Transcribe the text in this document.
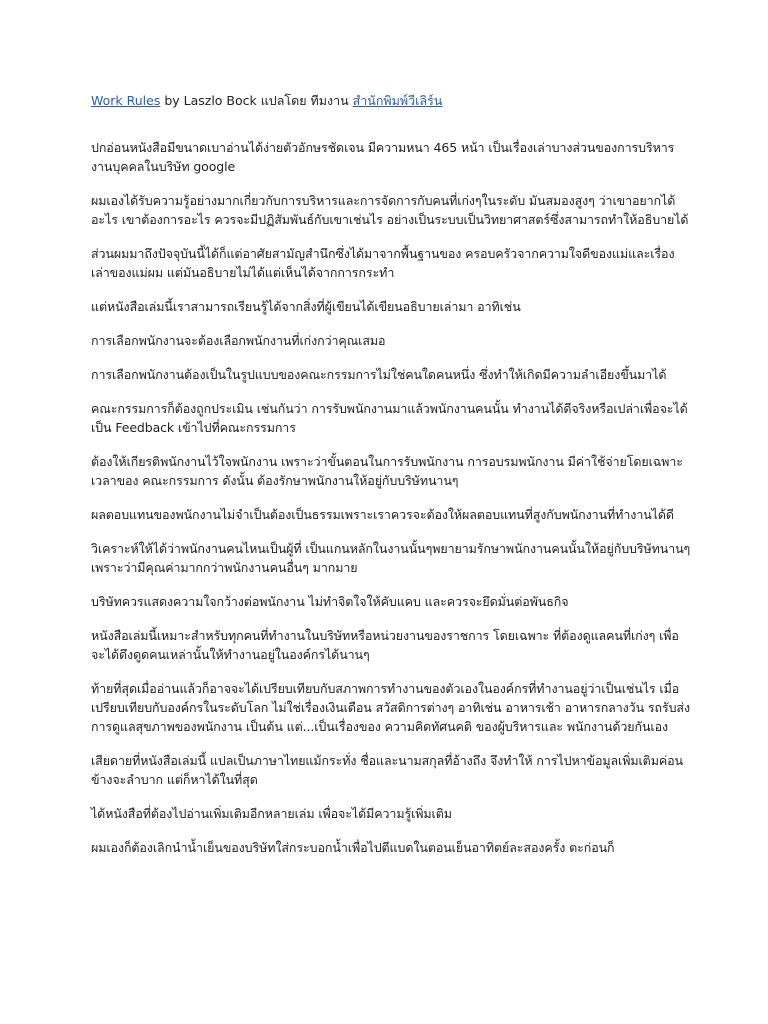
Work Rules by Laszlo Bock แปลโดย ทีมงาน สำนักพิมพ์วีเลิร์น

ปกอ่อนหนังสือมีขนาดเบาอ่านได้ง่ายตัวอักษรชัดเจน มีความหนา 465 หน้า เป็นเรื่องเล่าบางส่วนของการบริหารงานบุคคลในบริษัท google

ผมเองได้รับความรู้อย่างมากเกี่ยวกับการบริหารและการจัดการกับคนที่เก่งๆในระดับ มันสมองสูงๆ ว่าเขาอยากได้อะไร เขาต้องการอะไร ควรจะมีปฏิสัมพันธ์กับเขาเช่นไร อย่างเป็นระบบเป็นวิทยาศาสตร์ซึ่งสามารถทำให้อธิบายได้

ส่วนผมมาถึงปัจจุบันนี้ได้ก็แต่อาศัยสามัญสำนึกซึ่งได้มาจากพื้นฐานของ ครอบครัวจากความใจดีของแม่และเรื่องเล่าของแม่ผม แต่มันอธิบายไม่ได้แต่เห็นได้จากการกระทำ

แต่หนังสือเล่มนี้เราสามารถเรียนรู้ได้จากสิ่งที่ผู้เขียนได้เขียนอธิบายเล่ามา อาทิเช่น

การเลือกพนักงานจะต้องเลือกพนักงานที่เก่งกว่าคุณเสมอ

การเลือกพนักงานต้องเป็นในรูปแบบของคณะกรรมการไม่ใช่คนใดคนหนึ่ง ซึ่งทำให้เกิดมีความลำเอียงขึ้นมาได้

คณะกรรมการก็ต้องถูกประเมิน เช่นกันว่า การรับพนักงานมาแล้วพนักงานคนนั้น ทำงานได้ดีจริงหรือเปล่าเพื่อจะได้เป็น Feedback เข้าไปที่คณะกรรมการ

ต้องให้เกียรติพนักงานไว้ใจพนักงาน เพราะว่าขั้นตอนในการรับพนักงาน การอบรมพนักงาน มีค่าใช้จ่ายโดยเฉพาะเวลาของ คณะกรรมการ ดังนั้น ต้องรักษาพนักงานให้อยู่กับบริษัทนานๆ

ผลตอบแทนของพนักงานไม่จำเป็นต้องเป็นธรรมเพราะเราควรจะต้องให้ผลตอบแทนที่สูงกับพนักงานที่ทำงานได้ดี

วิเคราะห์ให้ได้ว่าพนักงานคนไหนเป็นผู้ที่ เป็นแกนหลักในงานนั้นๆพยายามรักษาพนักงานคนนั้นให้อยู่กับบริษัทนานๆ เพราะว่ามีคุณค่ามากกว่าพนักงานคนอื่นๆ มากมาย

บริษัทควรแสดงความใจกว้างต่อพนักงาน ไม่ทำจิตใจให้คับแคบ และควรจะยึดมั่นต่อพันธกิจ

หนังสือเล่มนี้เหมาะสำหรับทุกคนที่ทำงานในบริษัทหรือหน่วยงานของราชการ โดยเฉพาะ ที่ต้องดูแลคนที่เก่งๆ เพื่อจะได้ดึงดูดคนเหล่านั้นให้ทำงานอยู่ในองค์กรได้นานๆ

ท้ายที่สุดเมื่ออ่านแล้วก็อาจจะได้เปรียบเทียบกับสภาพการทำงานของตัวเองในองค์กรที่ทำงานอยู่ว่าเป็นเช่นไร เมื่อเปรียบเทียบกับองค์กรในระดับโลก ไม่ใช่เรื่องเงินเดือน สวัสดิการต่างๆ อาทิเช่น อาหารเช้า อาหารกลางวัน รถรับส่ง การดูแลสุขภาพของพนักงาน เป็นต้น แต่...เป็นเรื่องของ ความคิดทัศนคติ ของผู้บริหารและ พนักงานด้วยกันเอง

เสียดายที่หนังสือเล่มนี้ แปลเป็นภาษาไทยแม้กระทั่ง ชื่อและนามสกุลที่อ้างถึง จึงทำให้ การไปหาข้อมูลเพิ่มเติมค่อนข้างจะลำบาก แต่ก็หาได้ในที่สุด

ได้หนังสือที่ต้องไปอ่านเพิ่มเติมอีกหลายเล่ม เพื่อจะได้มีความรู้เพิ่มเติม

ผมเองก็ต้องเลิกนำน้ำเย็นของบริษัทใส่กระบอกน้ำเพื่อไปตีแบดในตอนเย็นอาทิตย์ละสองครั้ง ตะก่อนก็
